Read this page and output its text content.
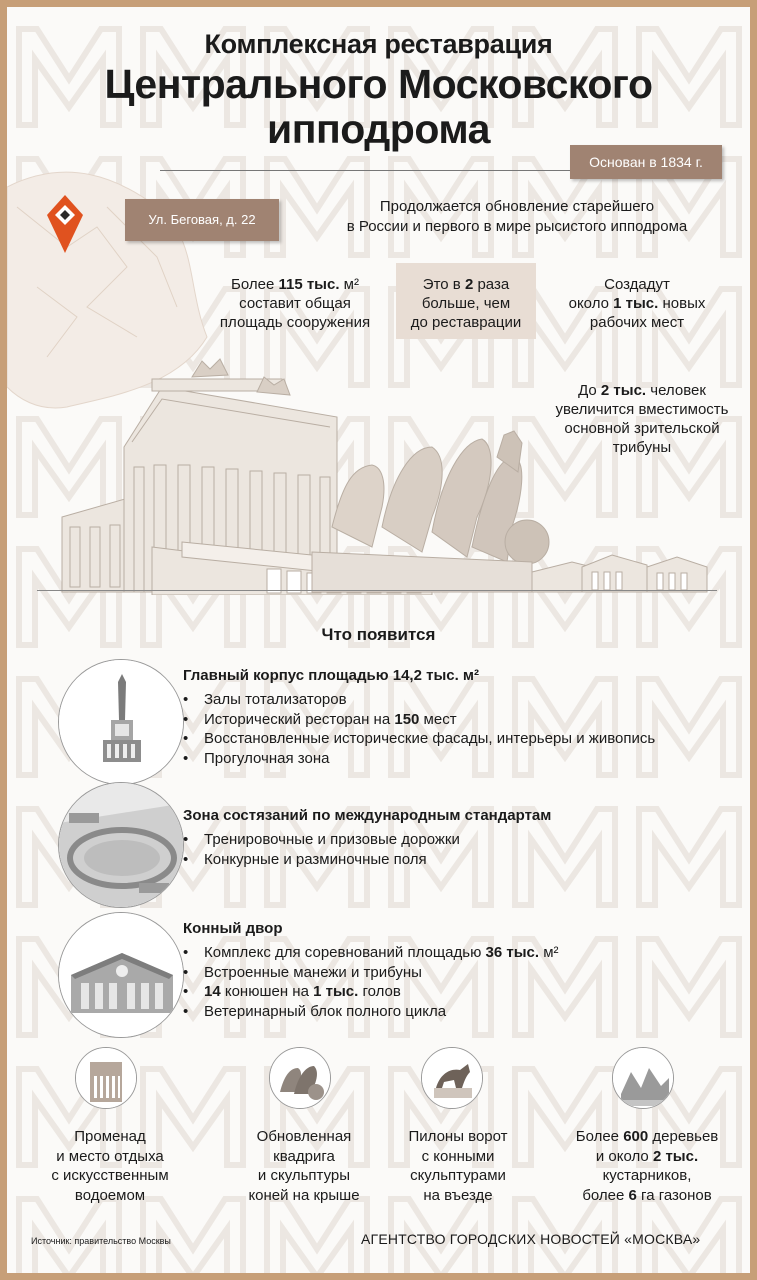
Комплексная реставрация
Центрального Московского
ипподрома
Основан в 1834 г.
Ул. Беговая, д. 22
Продолжается обновление старейшего
в России и первого в мире рысистого ипподрома
Более 115 тыс. м²
составит общая
площадь сооружения
Это в 2 раза
больше, чем
до реставрации
Создадут
около 1 тыс. новых
рабочих мест
До 2 тыс. человек
увеличится вместимость
основной зрительской
трибуны
Что появится
Главный корпус площадью 14,2 тыс. м²
• Залы тотализаторов
• Исторический ресторан на 150 мест
• Восстановленные исторические фасады, интерьеры и живопись
• Прогулочная зона
Зона состязаний по международным стандартам
• Тренировочные и призовые дорожки
• Конкурные и разминочные поля
Конный двор
• Комплекс для соревнований площадью 36 тыс. м²
• Встроенные манежи и трибуны
• 14 конюшен на 1 тыс. голов
• Ветеринарный блок полного цикла
Променад
и место отдыха
с искусственным
водоемом
Обновленная
квадрига
и скульптуры
коней на крыше
Пилоны ворот
с конными
скульптурами
на въезде
Более 600 деревьев
и около 2 тыс.
кустарников,
более 6 га газонов
Источник: правительство Москвы	АГЕНТСТВО ГОРОДСКИХ НОВОСТЕЙ «МОСКВА»
